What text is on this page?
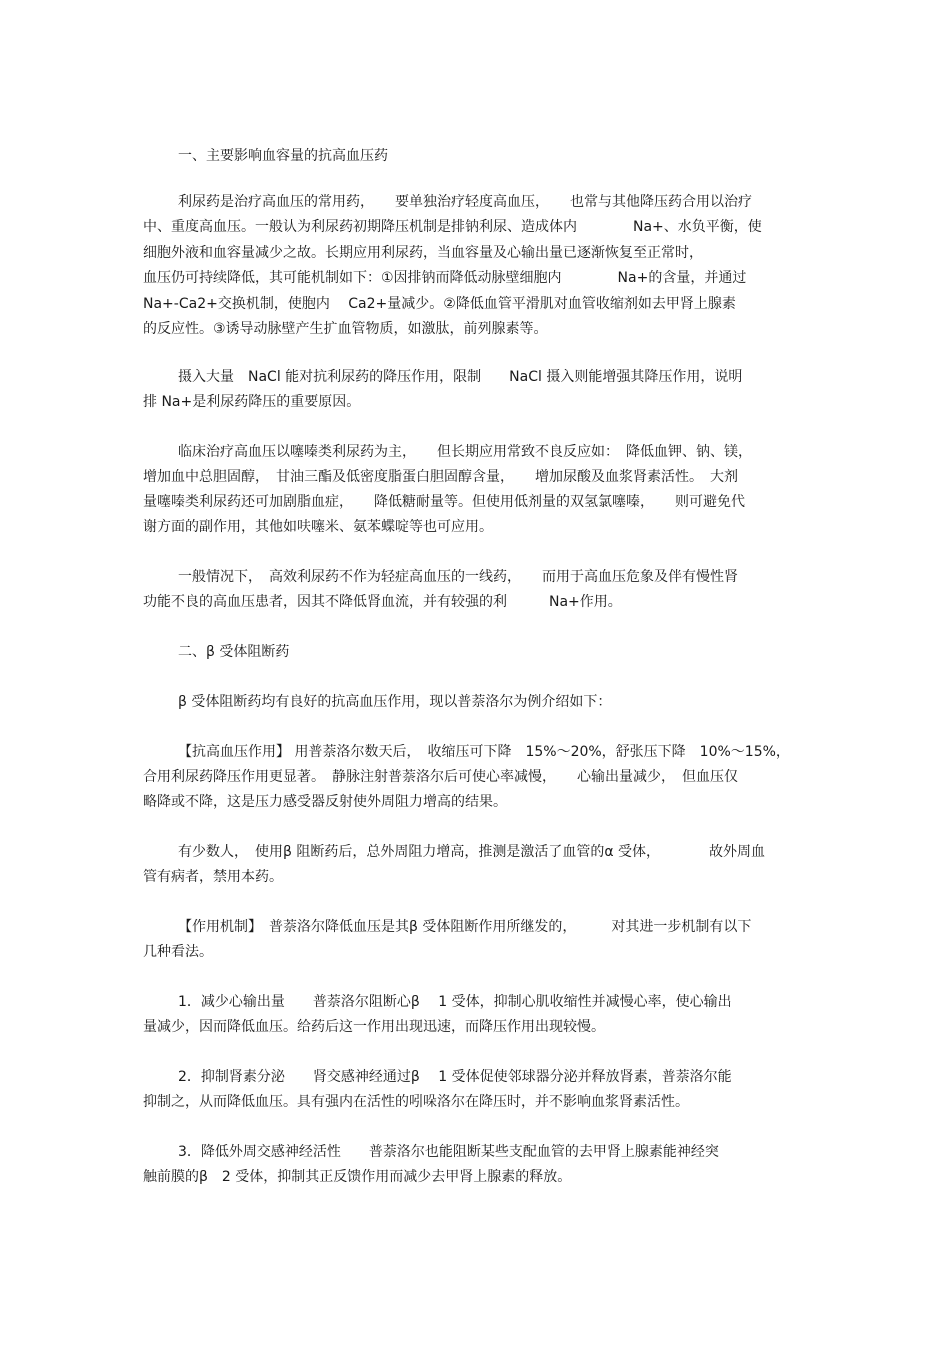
一、主要影响血容量的抗高血压药

利尿药是治疗高血压的常用药，　　要单独治疗轻度高血压，　　也常与其他降压药合用以治疗

中、重度高血压。一般认为利尿药初期降压机制是排钠利尿、造成体内　　　　Na+、水负平衡，使

细胞外液和血容量减少之故。长期应用利尿药，当血容量及心输出量已逐渐恢复至正常时，

血压仍可持续降低，其可能机制如下：①因排钠而降低动脉壁细胞内　　　　Na+的含量，并通过

Na+-Ca2+交换机制，使胞内　 Ca2+量减少。②降低血管平滑肌对血管收缩剂如去甲肾上腺素

的反应性。③诱导动脉壁产生扩血管物质，如激肽，前列腺素等。

摄入大量　NaCl 能对抗利尿药的降压作用，限制　　NaCl 摄入则能增强其降压作用，说明

排 Na+是利尿药降压的重要原因。

临床治疗高血压以噻嗪类利尿药为主，　　但长期应用常致不良反应如：　降低血钾、钠、镁，

增加血中总胆固醇，　甘油三酯及低密度脂蛋白胆固醇含量，　　增加尿酸及血浆肾素活性。　大剂

量噻嗪类利尿药还可加剧脂血症，　　降低糖耐量等。但使用低剂量的双氢氯噻嗪，　　则可避免代

谢方面的副作用，其他如呋噻米、氨苯蝶啶等也可应用。

一般情况下，　高效利尿药不作为轻症高血压的一线药，　　而用于高血压危象及伴有慢性肾

功能不良的高血压患者，因其不降低肾血流，并有较强的利　　　Na+作用。

二、β 受体阻断药

β 受体阻断药均有良好的抗高血压作用，现以普萘洛尔为例介绍如下：

【抗高血压作用】 用普萘洛尔数天后，　收缩压可下降　15%～20%，舒张压下降　10%～15%，

合用利尿药降压作用更显著。　静脉注射普萘洛尔后可使心率减慢，　　心输出量减少，　但血压仅

略降或不降，这是压力感受器反射使外周阻力增高的结果。

有少数人，　使用β 阻断药后，总外周阻力增高，推测是激活了血管的α 受体，　　　　故外周血

管有病者，禁用本药。

【作用机制】　普萘洛尔降低血压是其β 受体阻断作用所继发的，　　　对其进一步机制有以下

几种看法。

1．减少心输出量　　普萘洛尔阻断心β　 1 受体，抑制心肌收缩性并减慢心率，使心输出

量减少，因而降低血压。给药后这一作用出现迅速，而降压作用出现较慢。

2．抑制肾素分泌　　肾交感神经通过β　 1 受体促使邻球器分泌并释放肾素，普萘洛尔能

抑制之，从而降低血压。具有强内在活性的吲哚洛尔在降压时，并不影响血浆肾素活性。

3．降低外周交感神经活性　　普萘洛尔也能阻断某些支配血管的去甲肾上腺素能神经突

触前膜的β　2 受体，抑制其正反馈作用而减少去甲肾上腺素的释放。
